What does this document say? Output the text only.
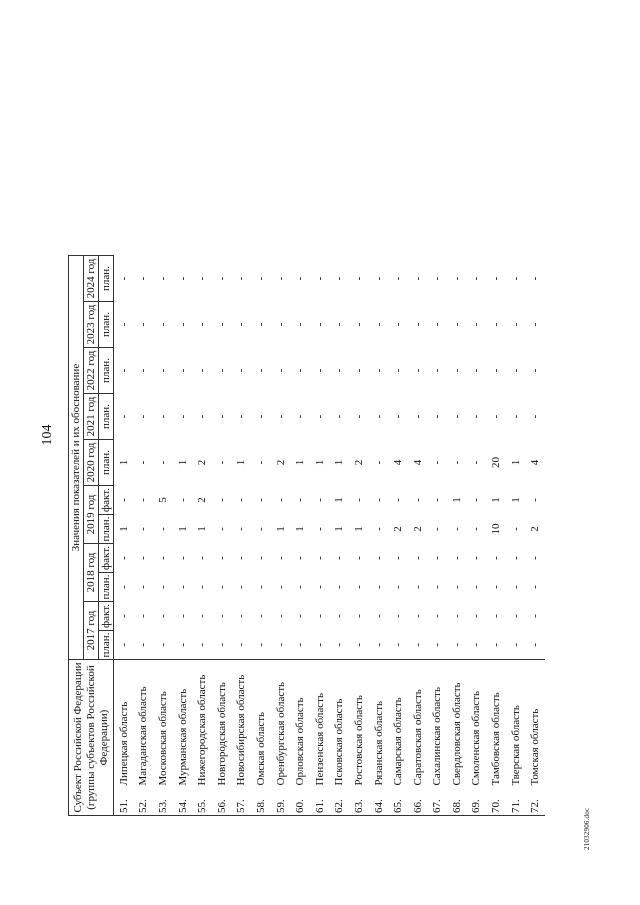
104
Субъект Российской Федерации (группы субъектов Российской Федерации)		Значения показателей и их обоснование										
		2017 год		2018 год		2019 год		2020 год	2021 год	2022 год	2023 год	2024 год
		план.	факт.	план.	факт.	план.	факт.	план.	план.	план.	план.	план.
51.	Липецкая область	-	-	-	-	1	-	1	-	-	-	-
52.	Магаданская область	-	-	-	-	-	-	-	-	-	-	-
53.	Московская область	-	-	-	-	-	5	-	-	-	-	-
54.	Мурманская область	-	-	-	-	1	-	1	-	-	-	-
55.	Нижегородская область	-	-	-	-	1	2	2	-	-	-	-
56.	Новгородская область	-	-	-	-	-	-	-	-	-	-	-
57.	Новосибирская область	-	-	-	-	-	-	1	-	-	-	-
58.	Омская область	-	-	-	-	-	-	-	-	-	-	-
59.	Оренбургская область	-	-	-	-	1	-	2	-	-	-	-
60.	Орловская область	-	-	-	-	1	-	1	-	-	-	-
61.	Пензенская область	-	-	-	-	-	-	1	-	-	-	-
62.	Псковская область	-	-	-	-	1	1	1	-	-	-	-
63.	Ростовская область	-	-	-	-	1	-	2	-	-	-	-
64.	Рязанская область	-	-	-	-	-	-	-	-	-	-	-
65.	Самарская область	-	-	-	-	2	-	4	-	-	-	-
66.	Саратовская область	-	-	-	-	2	-	4	-	-	-	-
67.	Сахалинская область	-	-	-	-	-	-	-	-	-	-	-
68.	Свердловская область	-	-	-	-	-	1	-	-	-	-	-
69.	Смоленская область	-	-	-	-	-	-	-	-	-	-	-
70.	Тамбовская область	-	-	-	-	10	1	20	-	-	-	-
71.	Тверская область	-	-	-	-	-	1	1	-	-	-	-
72.	Томская область	-	-	-	-	2	-	4	-	-	-	-
21032906.doc
